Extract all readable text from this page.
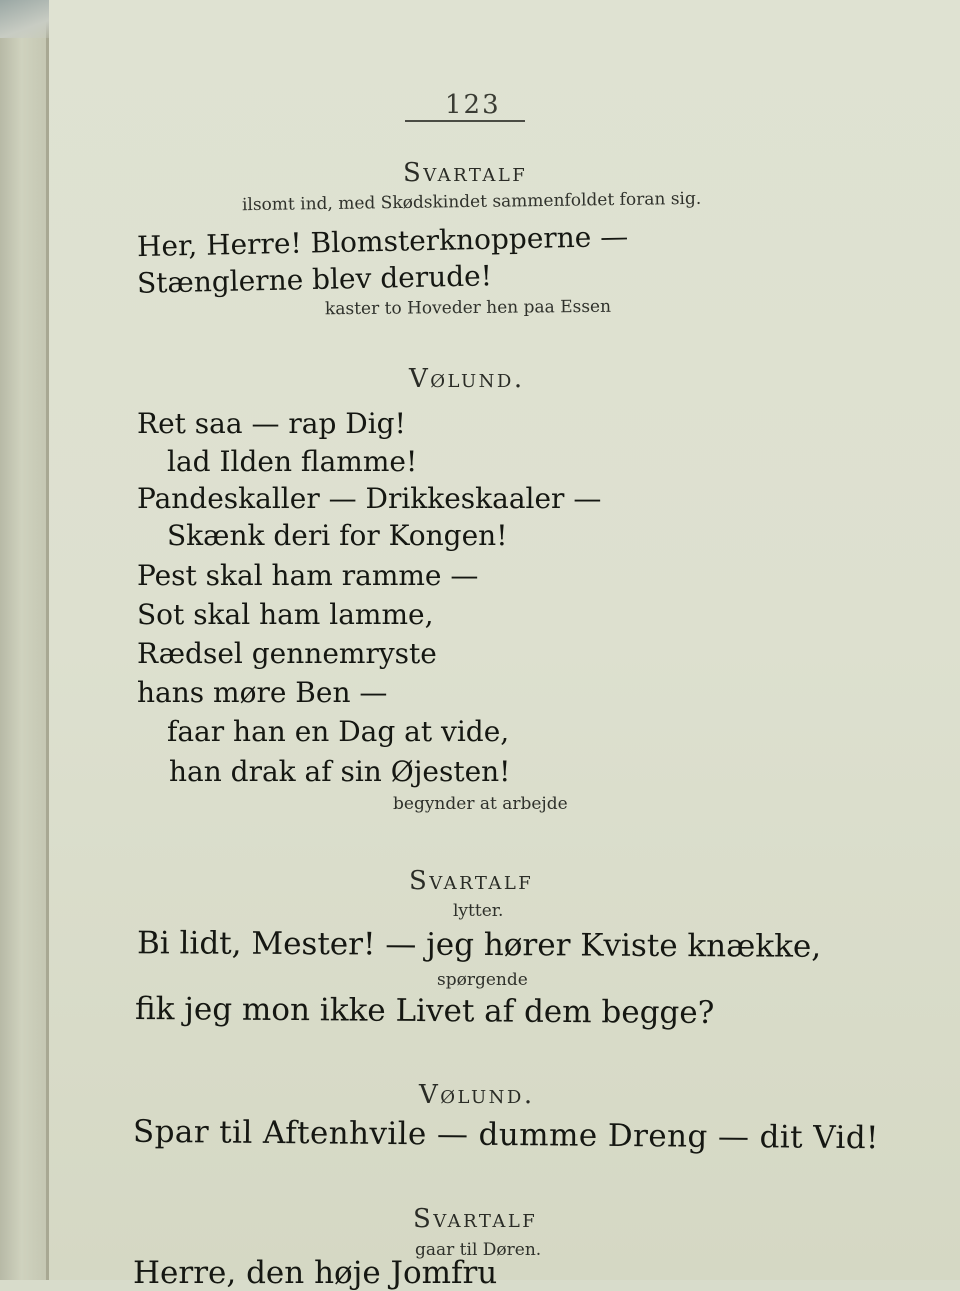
123
Svartalf
ilsomt ind, med Skødskindet sammenfoldet foran sig.
Her, Herre! Blomsterknopperne —
Stænglerne blev derude!
kaster to Hoveder hen paa Essen
Vølund.
Ret saa — rap Dig!
lad Ilden flamme!
Pandeskaller — Drikkeskaaler —
Skænk deri for Kongen!
Pest skal ham ramme —
Sot skal ham lamme,
Rædsel gennemryste
hans møre Ben —
faar han en Dag at vide,
han drak af sin Øjesten!
begynder at arbejde
Svartalf
lytter.
Bi lidt, Mester! — jeg hører Kviste knække,
spørgende
fik jeg mon ikke Livet af dem begge?
Vølund.
Spar til Aftenhvile — dumme Dreng — dit Vid!
Svartalf
gaar til Døren.
Herre, den høje Jomfru
